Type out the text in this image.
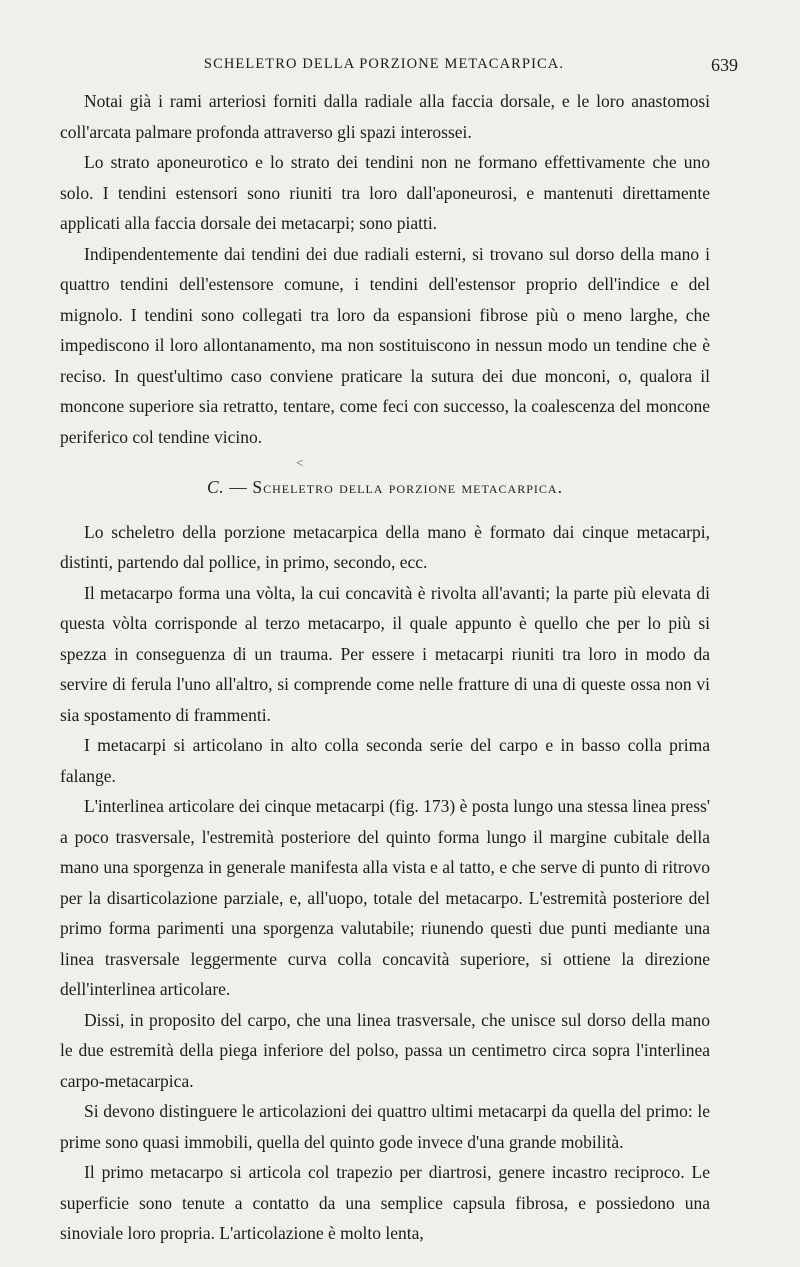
SCHELETRO DELLA PORZIONE METACARPICA.	639

Notai già i rami arteriosi forniti dalla radiale alla faccia dorsale, e le loro anastomosi coll'arcata palmare profonda attraverso gli spazi interossei.

Lo strato aponeurotico e lo strato dei tendini non ne formano effettivamente che uno solo. I tendini estensori sono riuniti tra loro dall'aponeurosi, e mantenuti direttamente applicati alla faccia dorsale dei metacarpi; sono piatti.

Indipendentemente dai tendini dei due radiali esterni, si trovano sul dorso della mano i quattro tendini dell'estensore comune, i tendini dell'estensor proprio dell'indice e del mignolo. I tendini sono collegati tra loro da espansioni fibrose più o meno larghe, che impediscono il loro allontanamento, ma non sostituiscono in nessun modo un tendine che è reciso. In quest'ultimo caso conviene praticare la sutura dei due monconi, o, qualora il moncone superiore sia retratto, tentare, come feci con successo, la coalescenza del moncone periferico col tendine vicino.

<
C. — Scheletro della porzione metacarpica.

Lo scheletro della porzione metacarpica della mano è formato dai cinque metacarpi, distinti, partendo dal pollice, in primo, secondo, ecc.

Il metacarpo forma una vòlta, la cui concavità è rivolta all'avanti; la parte più elevata di questa vòlta corrisponde al terzo metacarpo, il quale appunto è quello che per lo più si spezza in conseguenza di un trauma. Per essere i metacarpi riuniti tra loro in modo da servire di ferula l'uno all'altro, si comprende come nelle fratture di una di queste ossa non vi sia spostamento di frammenti.

I metacarpi si articolano in alto colla seconda serie del carpo e in basso colla prima falange.

L'interlinea articolare dei cinque metacarpi (fig. 173) è posta lungo una stessa linea press' a poco trasversale, l'estremità posteriore del quinto forma lungo il margine cubitale della mano una sporgenza in generale manifesta alla vista e al tatto, e che serve di punto di ritrovo per la disarticolazione parziale, e, all'uopo, totale del metacarpo. L'estremità posteriore del primo forma parimenti una sporgenza valutabile; riunendo questi due punti mediante una linea trasversale leggermente curva colla concavità superiore, si ottiene la direzione dell'interlinea articolare.

Dissi, in proposito del carpo, che una linea trasversale, che unisce sul dorso della mano le due estremità della piega inferiore del polso, passa un centimetro circa sopra l'interlinea carpo-metacarpica.

Si devono distinguere le articolazioni dei quattro ultimi metacarpi da quella del primo: le prime sono quasi immobili, quella del quinto gode invece d'una grande mobilità.

Il primo metacarpo si articola col trapezio per diartrosi, genere incastro reciproco. Le superficie sono tenute a contatto da una semplice capsula fibrosa, e possiedono una sinoviale loro propria. L'articolazione è molto lenta,
